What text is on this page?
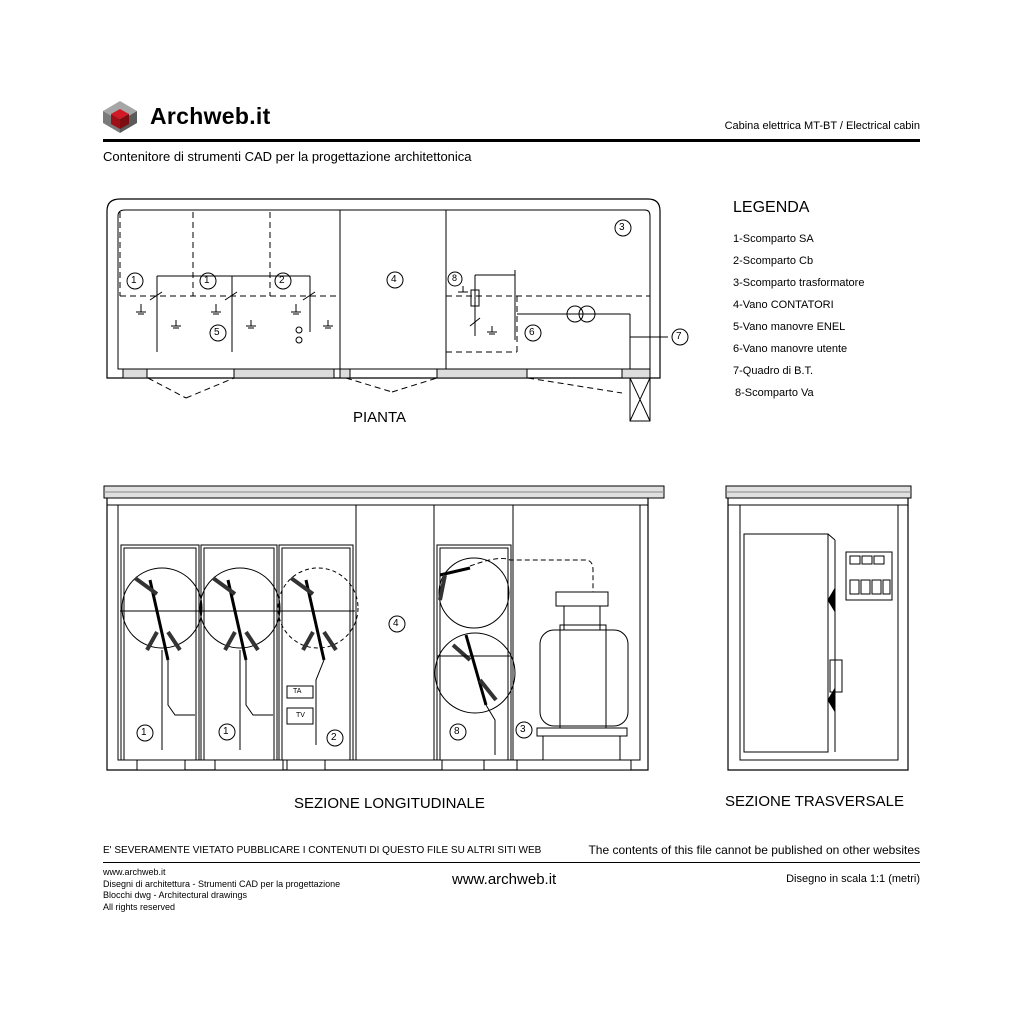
Archweb.it	Cabina elettrica MT-BT / Electrical cabin
Contenitore di strumenti CAD per la progettazione architettonica
LEGENDA
1-Scomparto SA
2-Scomparto Cb
3-Scomparto trasformatore
4-Vano CONTATORI
5-Vano manovre ENEL
6-Vano manovre utente
7-Quadro di B.T.
8-Scomparto Va
1	1	2	4
3
5
8
6	7
PIANTA
1	1
2
4
8	3
TA
TV
SEZIONE LONGITUDINALE	SEZIONE TRASVERSALE
E' SEVERAMENTE VIETATO PUBBLICARE I CONTENUTI DI QUESTO FILE SU ALTRI SITI WEB	The contents of this file cannot be published on other websites
www.archweb.it
Disegni di architettura - Strumenti CAD per la progettazione
Blocchi dwg - Architectural drawings
All rights reserved
www.archweb.it	Disegno in scala 1:1 (metri)
